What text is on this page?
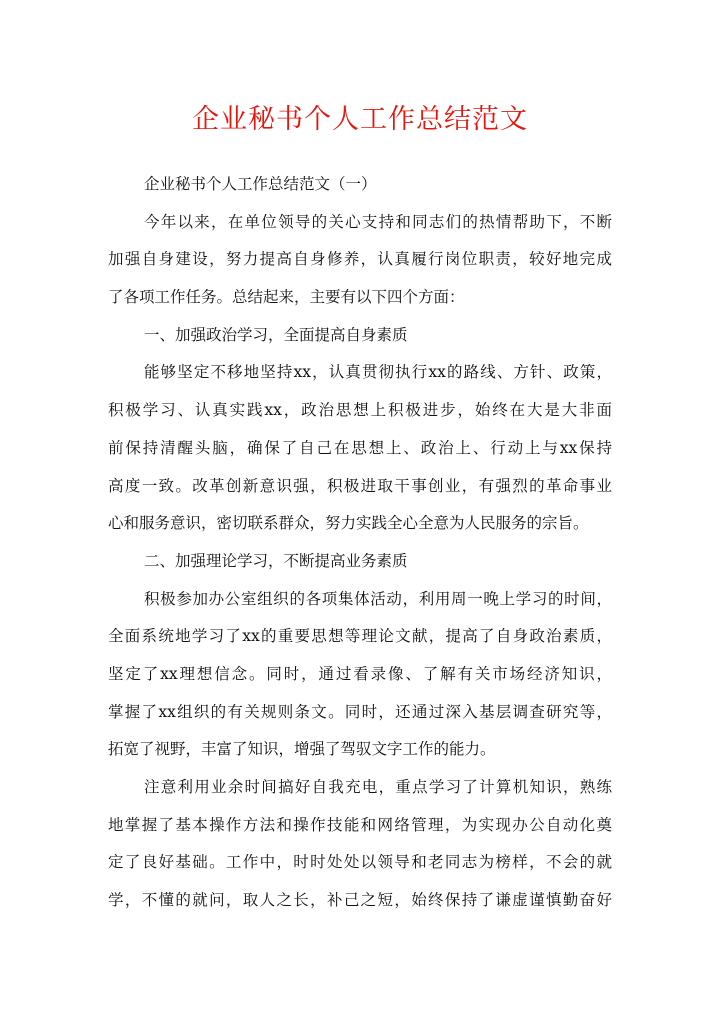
企业秘书个人工作总结范文
企业秘书个人工作总结范文（一）
今年以来，在单位领导的关心支持和同志们的热情帮助下，不断
加强自身建设，努力提高自身修养，认真履行岗位职责，较好地完成
了各项工作任务。总结起来，主要有以下四个方面：
一、加强政治学习，全面提高自身素质
能够坚定不移地坚持xx，认真贯彻执行xx的路线、方针、政策，
积极学习、认真实践xx，政治思想上积极进步，始终在大是大非面
前保持清醒头脑，确保了自己在思想上、政治上、行动上与xx保持
高度一致。改革创新意识强，积极进取干事创业，有强烈的革命事业
心和服务意识，密切联系群众，努力实践全心全意为人民服务的宗旨。
二、加强理论学习，不断提高业务素质
积极参加办公室组织的各项集体活动，利用周一晚上学习的时间，
全面系统地学习了xx的重要思想等理论文献，提高了自身政治素质，
坚定了xx理想信念。同时，通过看录像、了解有关市场经济知识，
掌握了xx组织的有关规则条文。同时，还通过深入基层调查研究等，
拓宽了视野，丰富了知识，增强了驾驭文字工作的能力。
注意利用业余时间搞好自我充电，重点学习了计算机知识，熟练
地掌握了基本操作方法和操作技能和网络管理，为实现办公自动化奠
定了良好基础。工作中，时时处处以领导和老同志为榜样，不会的就
学，不懂的就问，取人之长，补己之短，始终保持了谦虚谨慎勤奋好
